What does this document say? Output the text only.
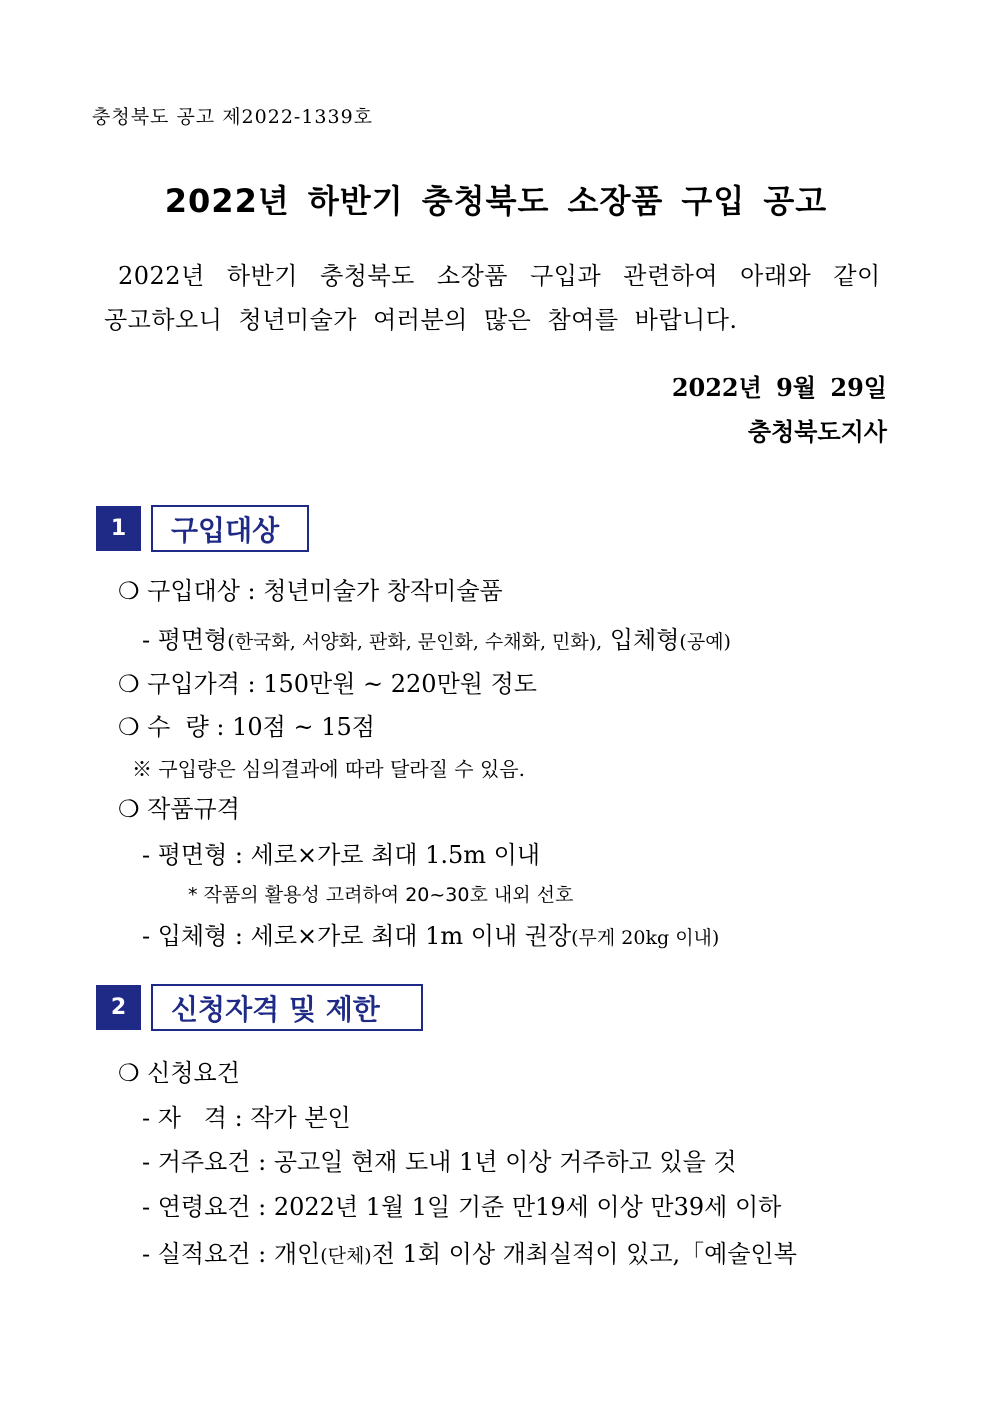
충청북도 공고 제2022-1339호
2022년 하반기 충청북도 소장품 구입 공고
2022년 하반기 충청북도 소장품 구입과 관련하여 아래와 같이
공고하오니 청년미술가 여러분의 많은 참여를 바랍니다.
2022년 9월 29일
충청북도지사
1	구입대상
❍ 구입대상 : 청년미술가 창작미술품
- 평면형(한국화, 서양화, 판화, 문인화, 수채화, 민화), 입체형(공예)
❍ 구입가격 : 150만원 ~ 220만원 정도
❍ 수  량 : 10점 ~ 15점
※ 구입량은 심의결과에 따라 달라질 수 있음.
❍ 작품규격
- 평면형 : 세로×가로 최대 1.5m 이내
* 작품의 활용성 고려하여 20~30호 내외 선호
- 입체형 : 세로×가로 최대 1m 이내 권장(무게 20kg 이내)
2	신청자격 및 제한
❍ 신청요건
- 자   격 : 작가 본인
- 거주요건 : 공고일 현재 도내 1년 이상 거주하고 있을 것
- 연령요건 : 2022년 1월 1일 기준 만19세 이상 만39세 이하
- 실적요건 : 개인(단체)전 1회 이상 개최실적이 있고,「예술인복
